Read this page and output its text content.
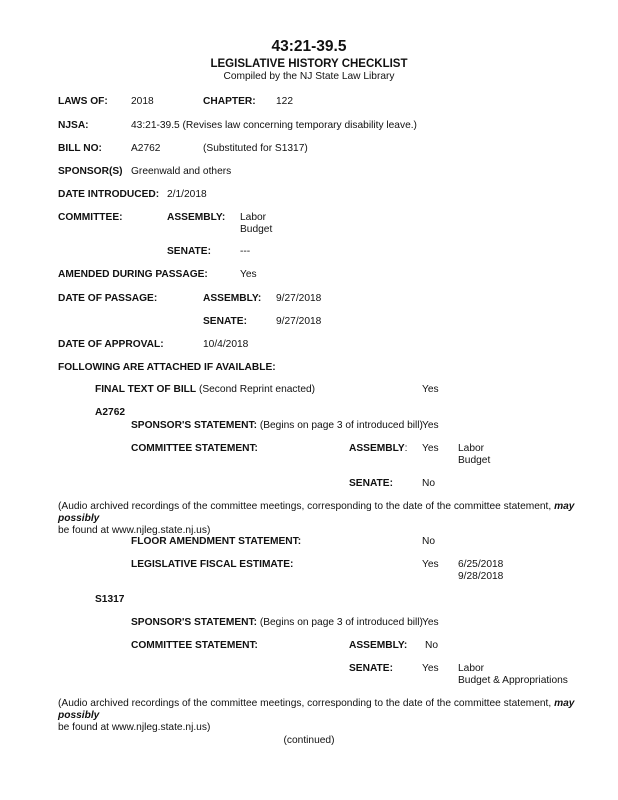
43:21-39.5
LEGISLATIVE HISTORY CHECKLIST
Compiled by the NJ State Law Library
LAWS OF: 2018	CHAPTER: 122
NJSA:	43:21-39.5 (Revises law concerning temporary disability leave.)
BILL NO:	A2762	(Substituted for S1317)
SPONSOR(S) Greenwald and others
DATE INTRODUCED: 2/1/2018
COMMITTEE:	ASSEMBLY: Labor
Budget
SENATE:	---
AMENDED DURING PASSAGE:	Yes
DATE OF PASSAGE:	ASSEMBLY: 9/27/2018
SENATE:	9/27/2018
DATE OF APPROVAL:	10/4/2018
FOLLOWING ARE ATTACHED IF AVAILABLE:
FINAL TEXT OF BILL (Second Reprint enacted)	Yes
A2762
SPONSOR'S STATEMENT: (Begins on page 3 of introduced bill) Yes
COMMITTEE STATEMENT:	ASSEMBLY: Yes Labor
Budget
SENATE:	No
(Audio archived recordings of the committee meetings, corresponding to the date of the committee statement, may possibly
be found at www.njleg.state.nj.us)
FLOOR AMENDMENT STATEMENT:	No
LEGISLATIVE FISCAL ESTIMATE:	Yes 6/25/2018
9/28/2018
S1317
SPONSOR'S STATEMENT: (Begins on page 3 of introduced bill) Yes
COMMITTEE STATEMENT:	ASSEMBLY: No
SENATE:	Yes Labor
Budget & Appropriations
(Audio archived recordings of the committee meetings, corresponding to the date of the committee statement, may possibly
be found at www.njleg.state.nj.us)
(continued)
